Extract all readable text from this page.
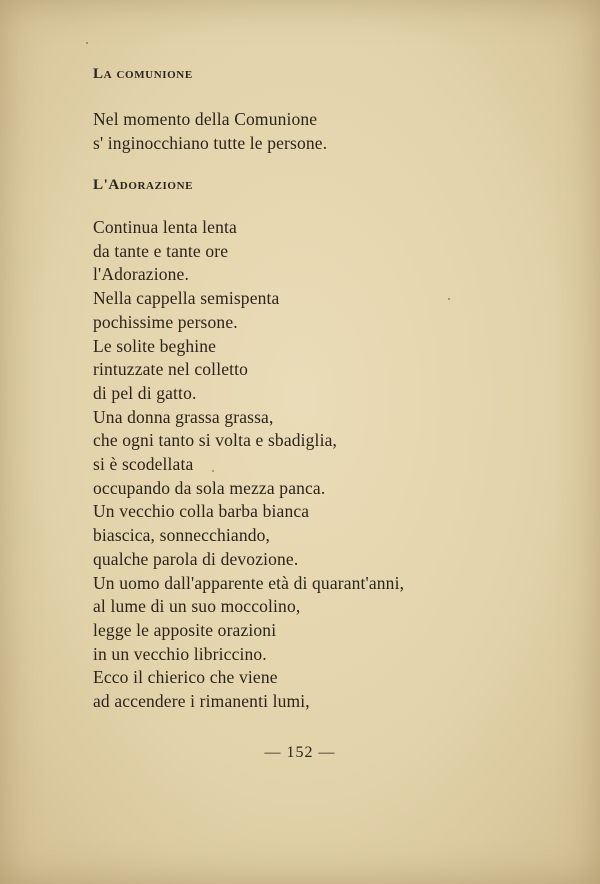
La comunione
Nel momento della Comunione
s' inginocchiano tutte le persone.
L'Adorazione
Continua lenta lenta
da tante e tante ore
l'Adorazione.
Nella cappella semispenta
pochissime persone.
Le solite beghine
rintuzzate nel colletto
di pel di gatto.
Una donna grassa grassa,
che ogni tanto si volta e sbadiglia,
si è scodellata
occupando da sola mezza panca.
Un vecchio colla barba bianca
biascica, sonnecchiando,
qualche parola di devozione.
Un uomo dall'apparente età di quarant'anni,
al lume di un suo moccolino,
legge le apposite orazioni
in un vecchio libriccino.
Ecco il chierico che viene
ad accendere i rimanenti lumi,

— 152 —
